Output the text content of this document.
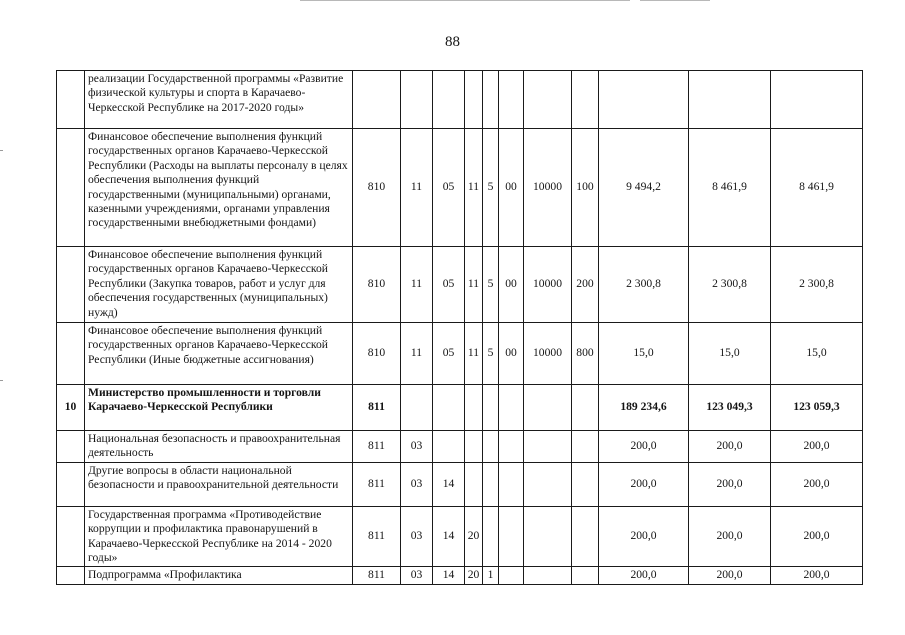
88
	реализации Государственной программы «Развитие физической культуры и спорта в Карачаево-Черкесской Республике на 2017-2020 годы»											
	Финансовое обеспечение выполнения функций государственных органов Карачаево-Черкесской Республики (Расходы на выплаты персоналу в целях обеспечения выполнения функций государственными (муниципальными) органами, казенными учреждениями, органами управления государственными внебюджетными фондами)	810	11	05	11	5	00	10000	100	9 494,2	8 461,9	8 461,9
	Финансовое обеспечение выполнения функций государственных органов Карачаево-Черкесской Республики (Закупка товаров, работ и услуг для обеспечения государственных (муниципальных) нужд)	810	11	05	11	5	00	10000	200	2 300,8	2 300,8	2 300,8
	Финансовое обеспечение выполнения функций государственных органов Карачаево-Черкесской Республики (Иные бюджетные ассигнования)	810	11	05	11	5	00	10000	800	15,0	15,0	15,0
10	Министерство промышленности и торговли Карачаево-Черкесской Республики	811								189 234,6	123 049,3	123 059,3
	Национальная безопасность и правоохранительная деятельность	811	03							200,0	200,0	200,0
	Другие вопросы в области национальной безопасности и правоохранительной деятельности	811	03	14						200,0	200,0	200,0
	Государственная программа «Противодействие коррупции и профилактика правонарушений в Карачаево-Черкесской Республике на 2014 - 2020 годы»	811	03	14	20					200,0	200,0	200,0
	Подпрограмма «Профилактика	811	03	14	20	1				200,0	200,0	200,0
